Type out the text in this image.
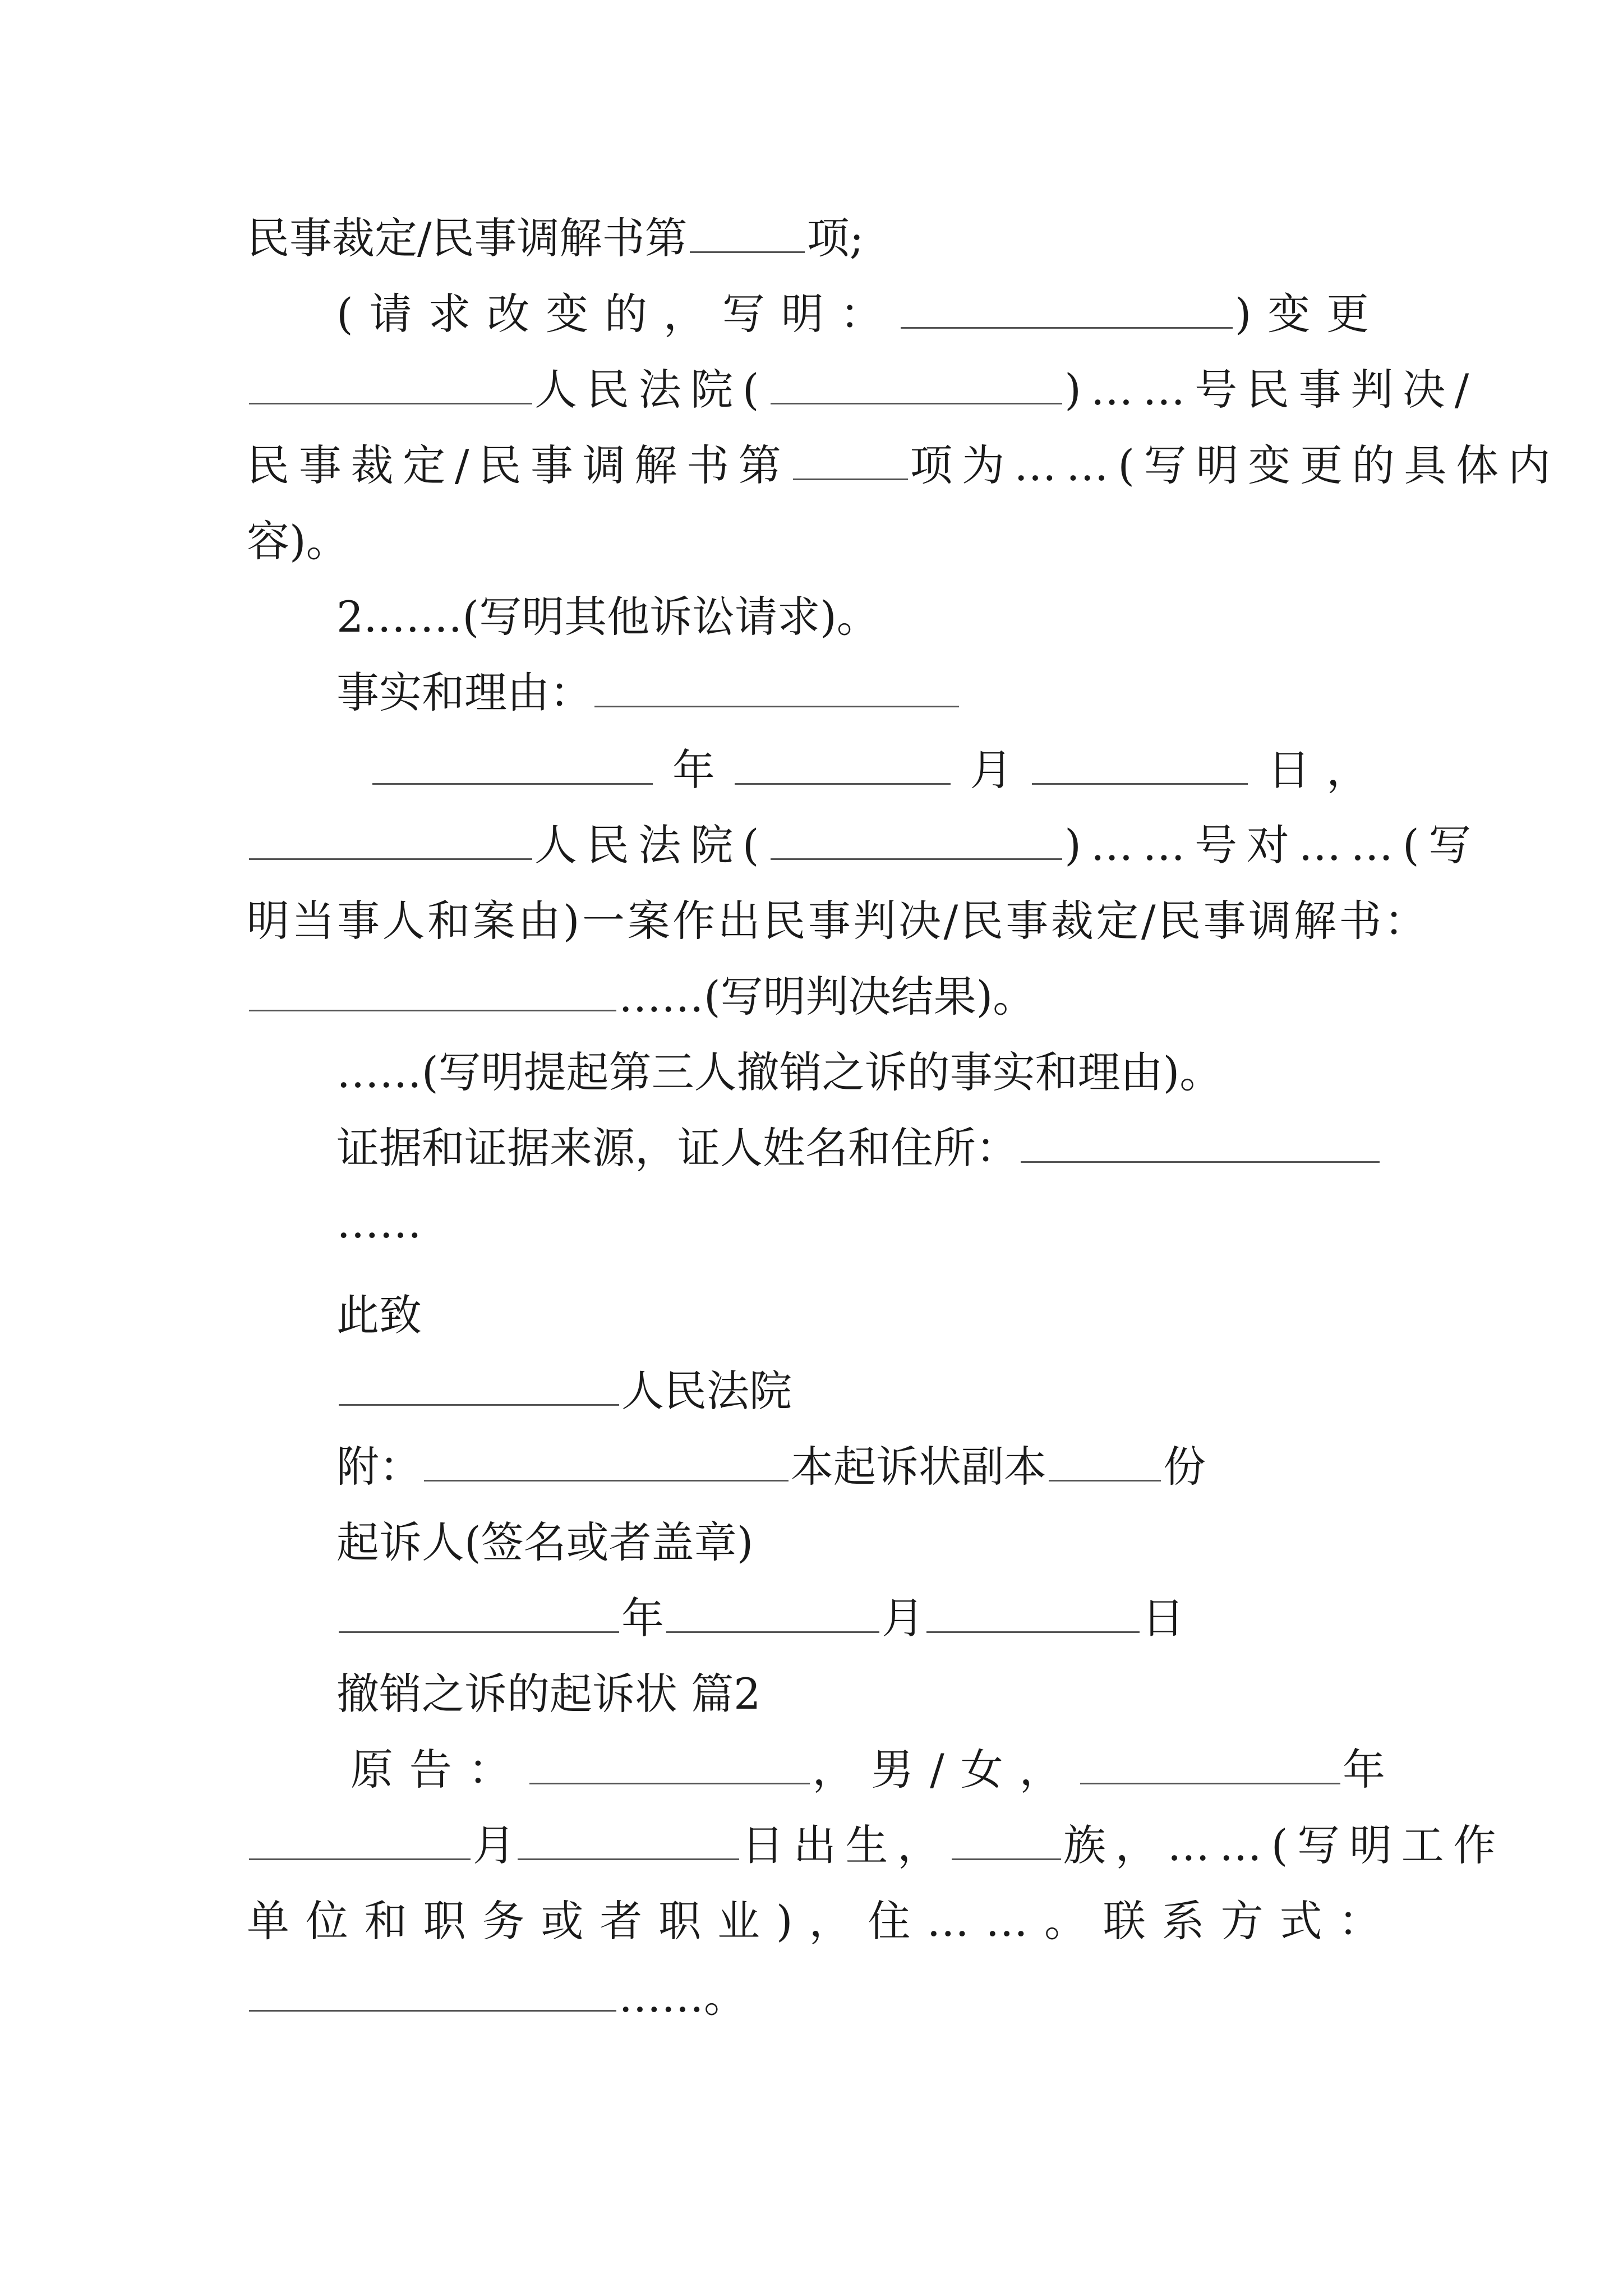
民事裁定/民事调解书第	项;
(请求改变的，写明：	)变更
人民法院(	)……号民事判决/
民事裁定/民事调解书第	项为……(写明变更的具体内
容)。
2.……(写明其他诉讼请求)。
事实和理由：
年	月	日，
人民法院(	)……号对……(写
明当事人和案由)一案作出民事判决/民事裁定/民事调解书：
……(写明判决结果)。
……(写明提起第三人撤销之诉的事实和理由)。
证据和证据来源，证人姓名和住所：
……
此致
人民法院
附：	本起诉状副本	份
起诉人(签名或者盖章)
年	月	日
撤销之诉的起诉状 篇2
原告：	，男/女，	年
月	日出生，	族，……(写明工作
单位和职务或者职业)，住……。联系方式：
……。
